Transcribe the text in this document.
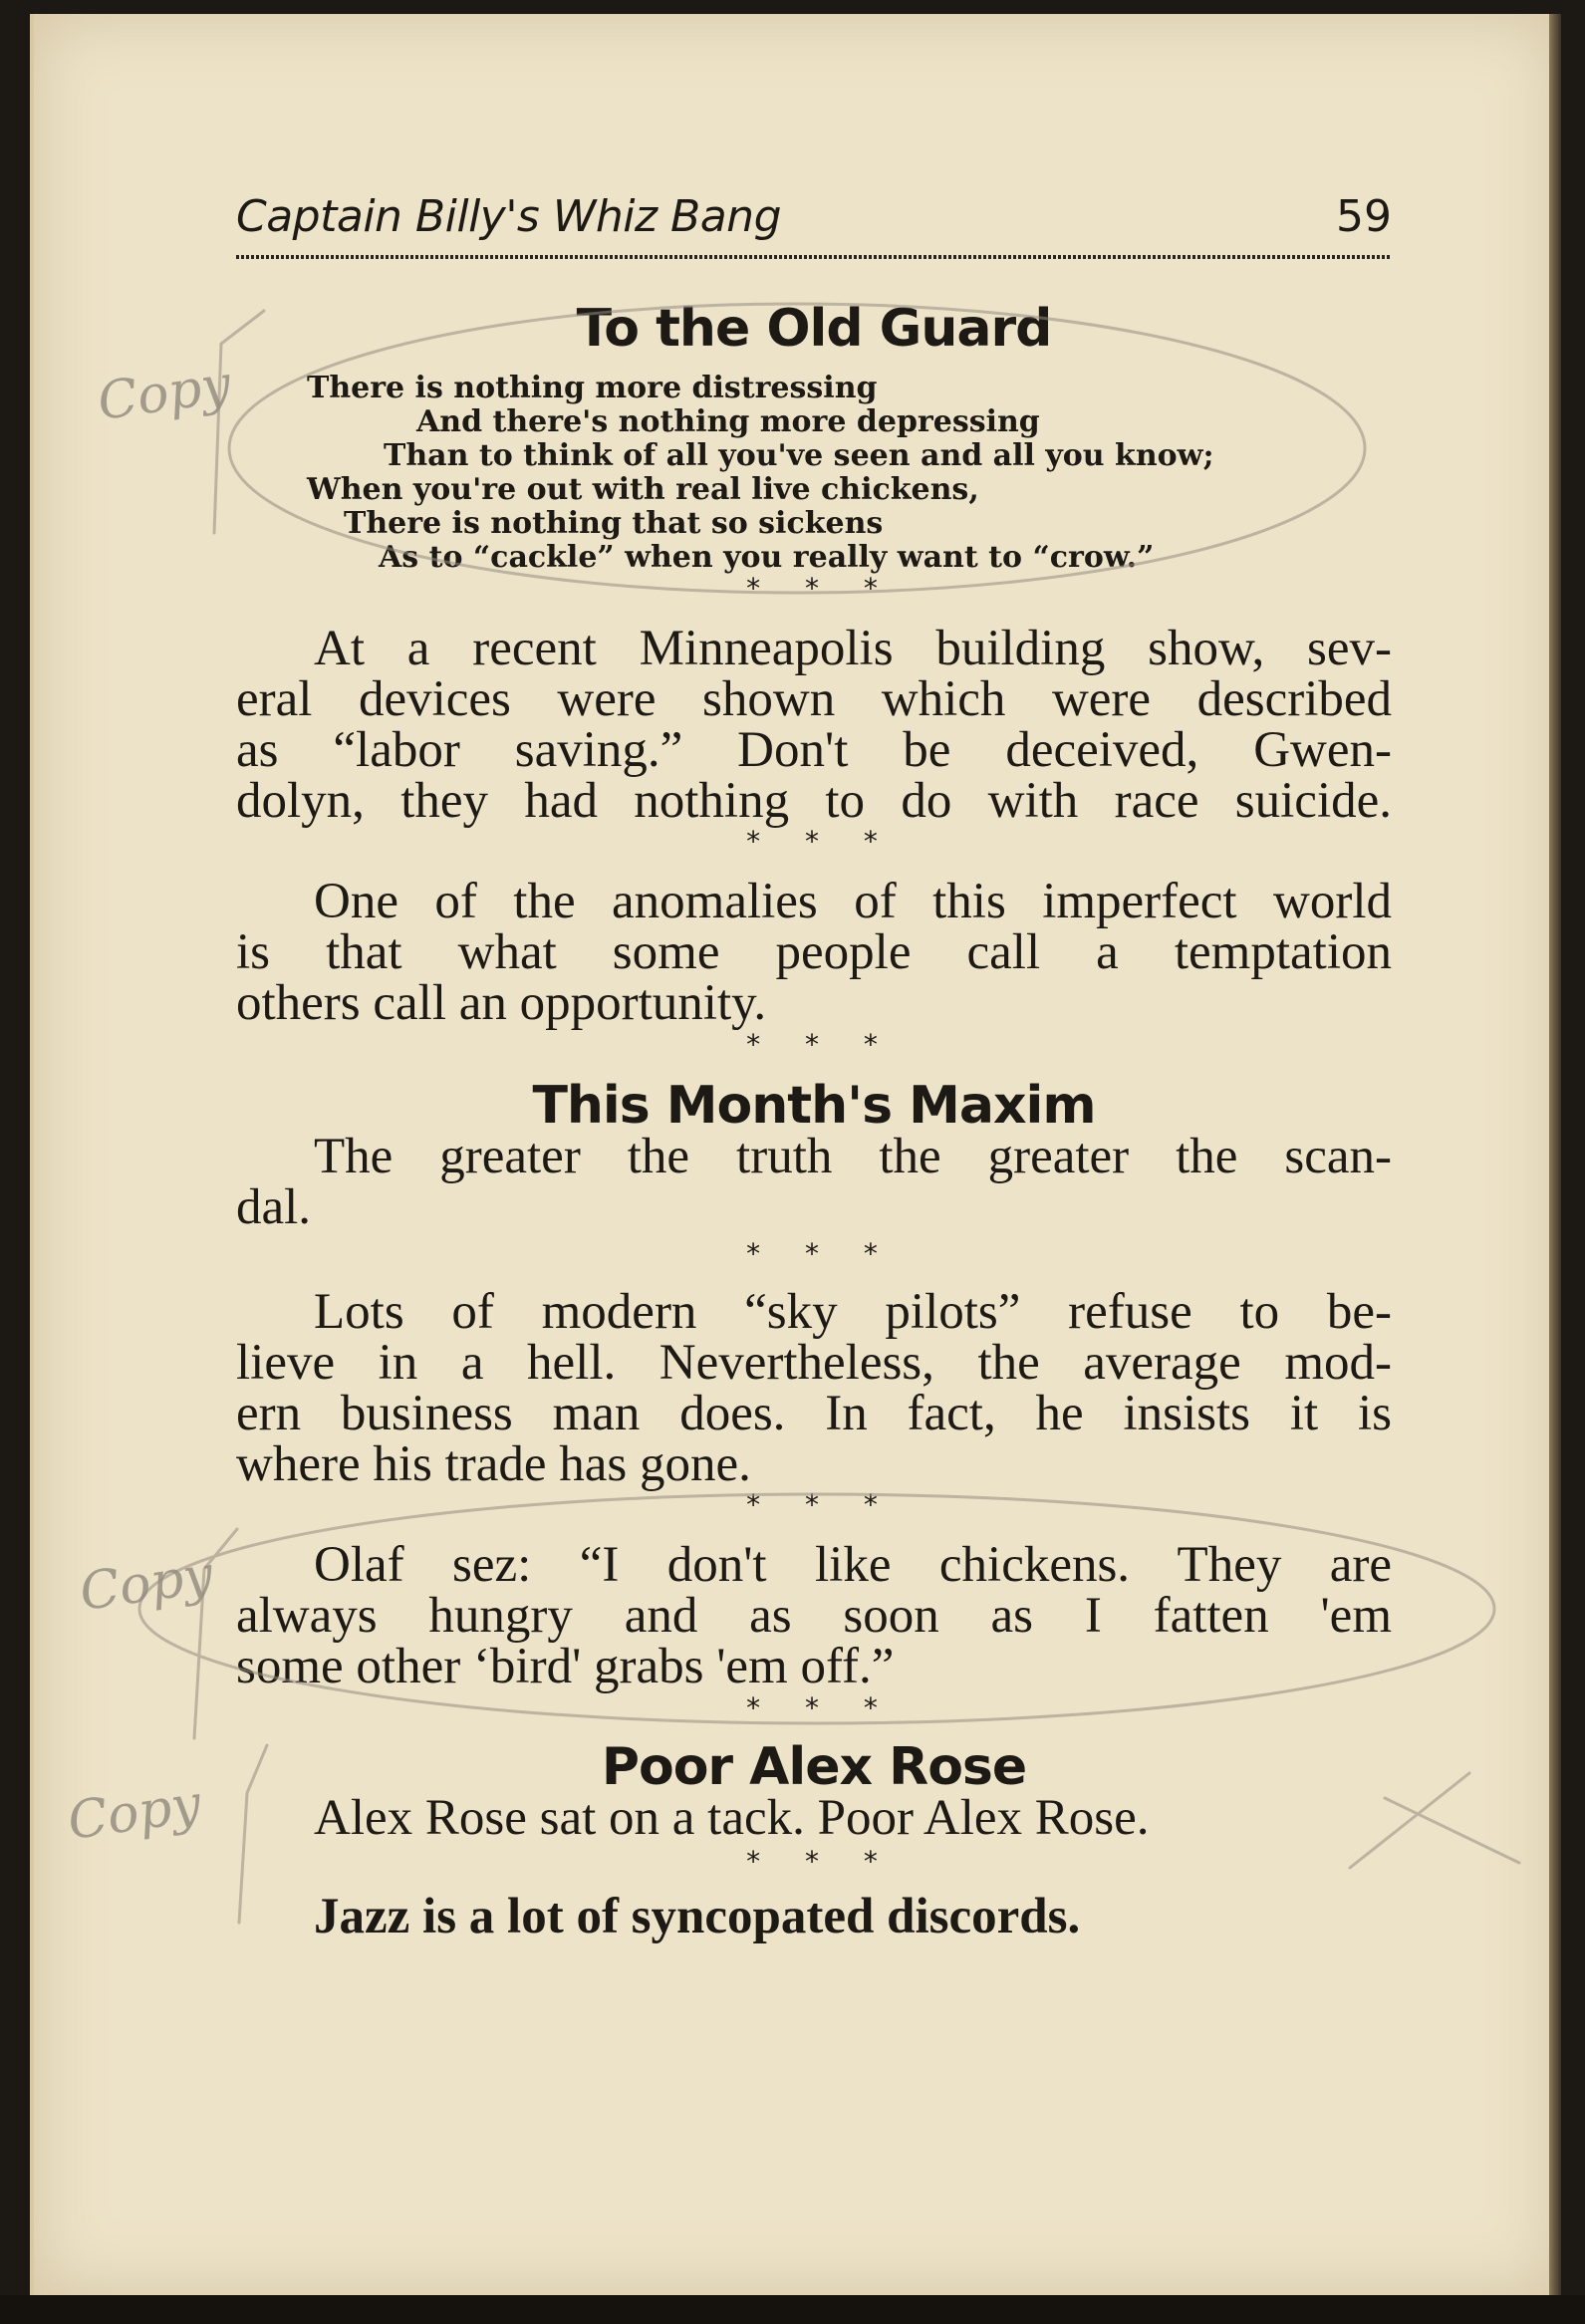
Captain Billy's Whiz Bang	59
To the Old Guard
There is nothing more distressing
And there's nothing more depressing
Than to think of all you've seen and all you know;
When you're out with real live chickens,
There is nothing that so sickens
As to “cackle” when you really want to “crow.”
* * *
At a recent Minneapolis building show, sev-
eral devices were shown which were described
as “labor saving.” Don't be deceived, Gwen-
dolyn, they had nothing to do with race suicide.
* * *
One of the anomalies of this imperfect world
is that what some people call a temptation
others call an opportunity.
* * *
This Month's Maxim
The greater the truth the greater the scan-
dal.
* * *
Lots of modern “sky pilots” refuse to be-
lieve in a hell. Nevertheless, the average mod-
ern business man does. In fact, he insists it is
where his trade has gone.
* * *
Olaf sez: “I don't like chickens. They are
always hungry and as soon as I fatten 'em
some other ‘bird' grabs 'em off.”
* * *
Poor Alex Rose
Alex Rose sat on a tack. Poor Alex Rose.
* * *
Jazz is a lot of syncopated discords.
Copy
Copy
Copy
